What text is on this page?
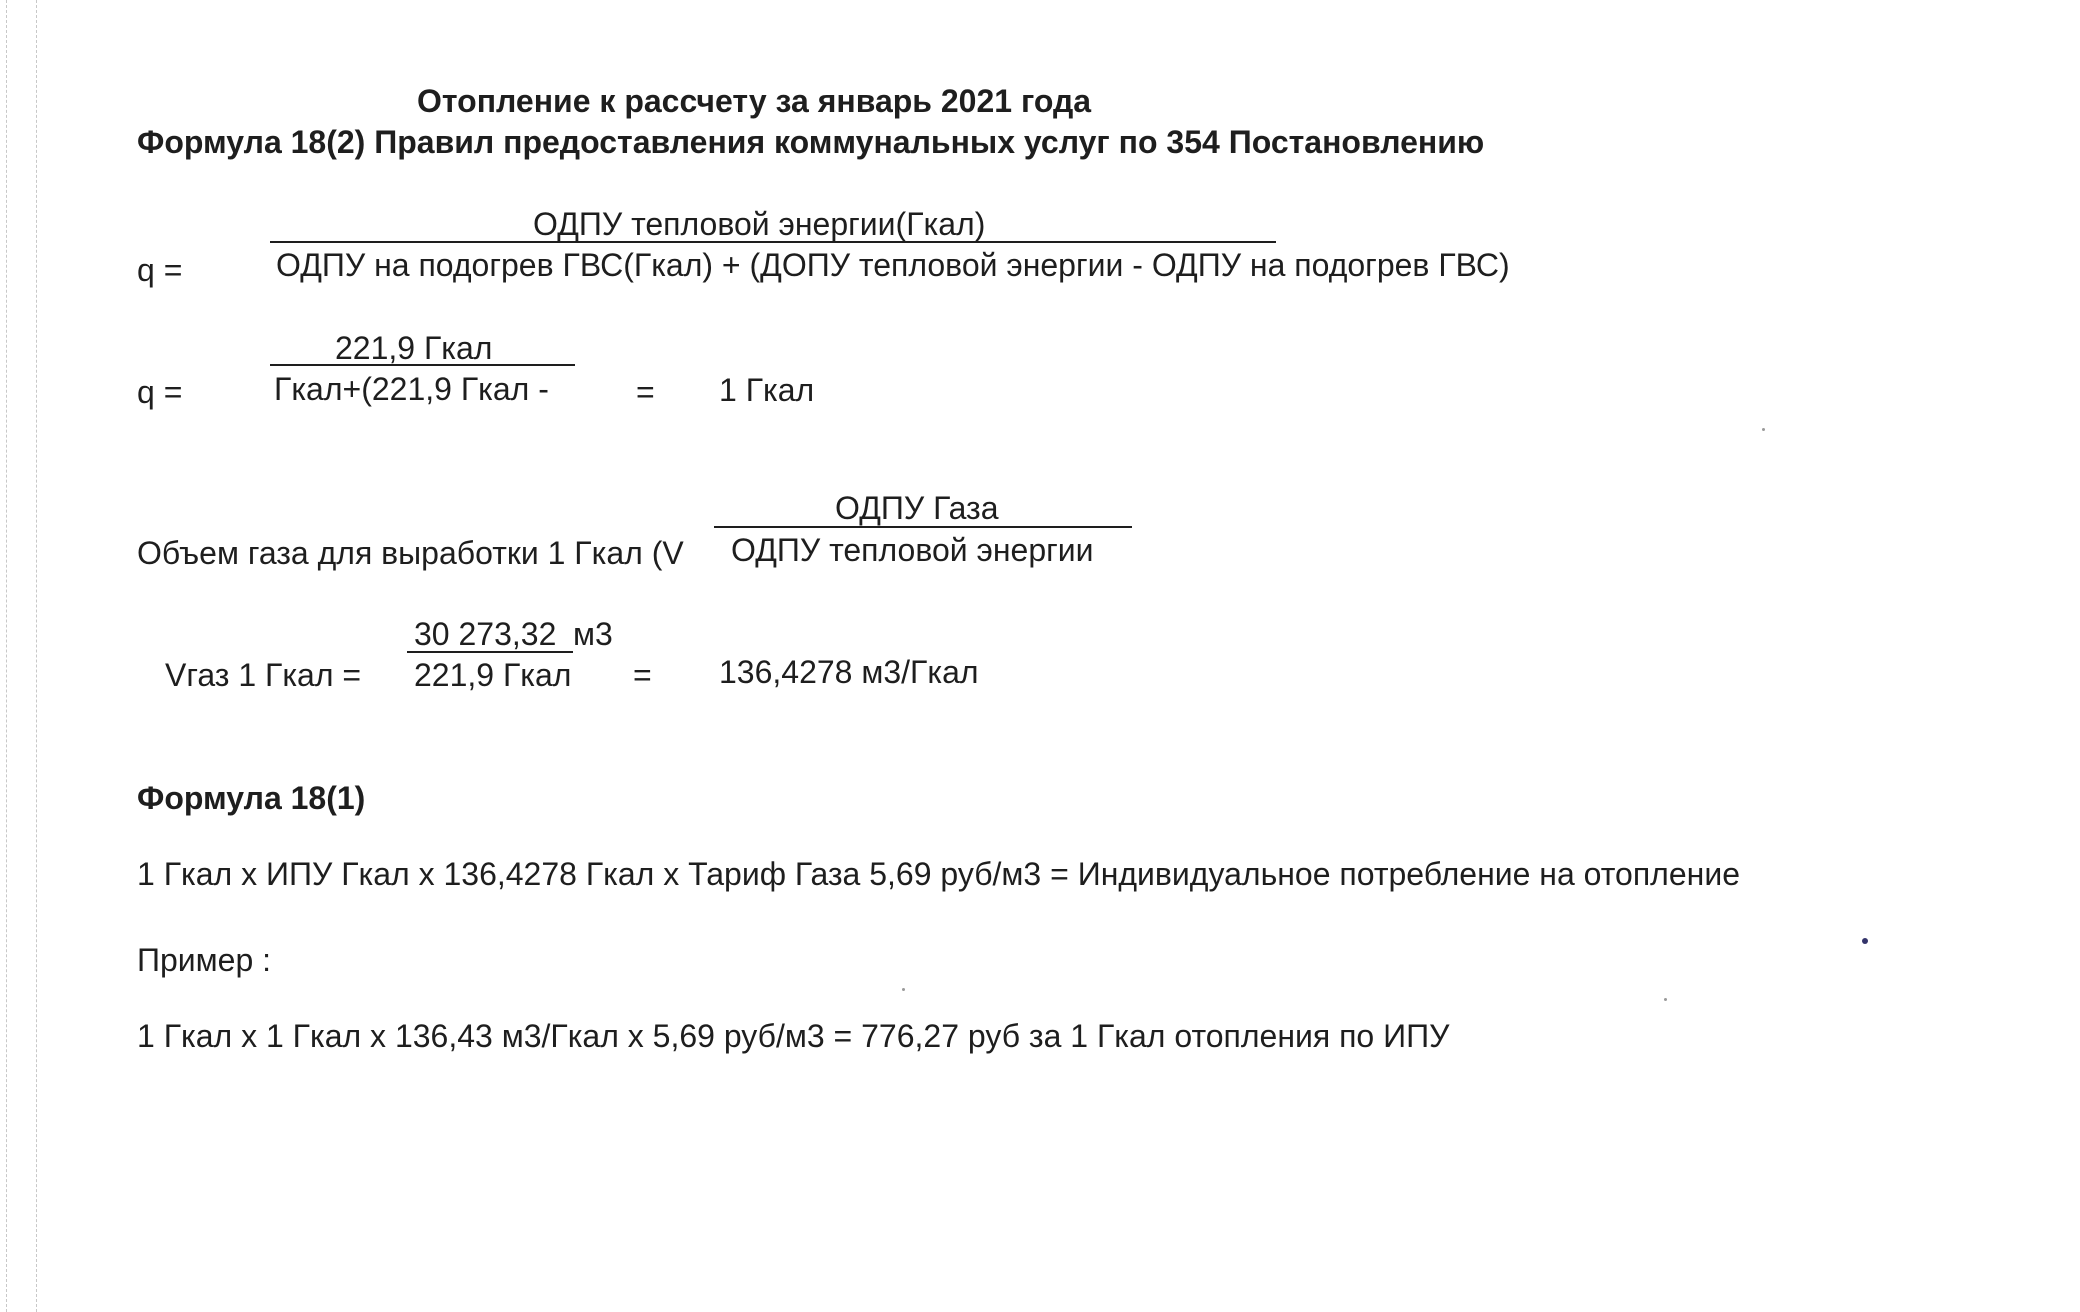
Отопление к рассчету за январь 2021 года
Формула 18(2) Правил предоставления коммунальных услуг по 354 Постановлению
ОДПУ тепловой энергии(Гкал)
q =	ОДПУ на подогрев ГВС(Гкал) + (ДОПУ тепловой энергии - ОДПУ на подогрев ГВС)
221,9 Гкал
q =	Гкал+(221,9 Гкал -	= 1 Гкал
ОДПУ Газа
Объем газа для выработки 1 Гкал (V ОДПУ тепловой энергии
30 273,32 м3
Vгаз 1 Гкал = 221,9 Гкал = 136,4278 м3/Гкал
Формула 18(1)
1 Гкал х ИПУ Гкал х 136,4278 Гкал х Тариф Газа 5,69 руб/м3 = Индивидуальное потребление на отопление
Пример :
1 Гкал х 1 Гкал х 136,43 м3/Гкал х 5,69 руб/м3 = 776,27 руб за 1 Гкал отопления по ИПУ
